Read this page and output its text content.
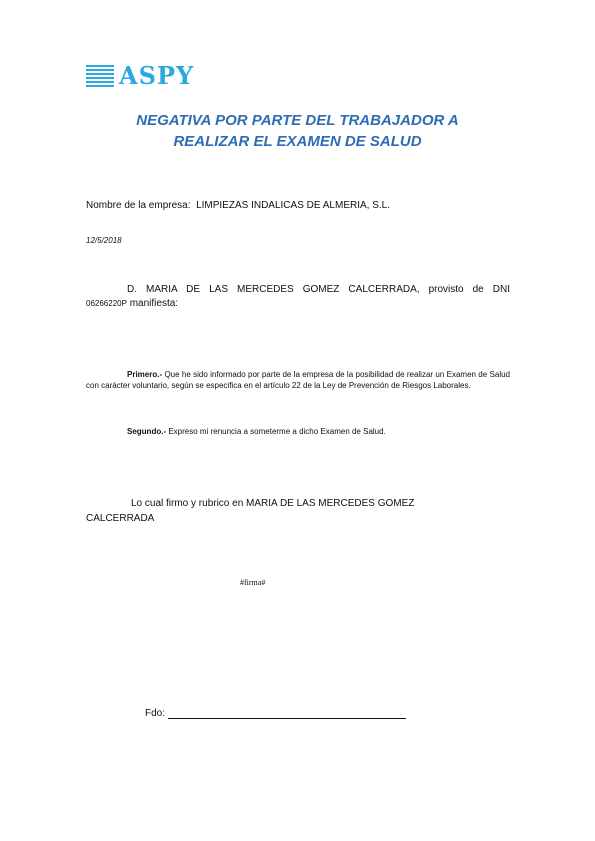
ASPY
NEGATIVA POR PARTE DEL TRABAJADOR A
REALIZAR EL EXAMEN DE SALUD
Nombre de la empresa: LIMPIEZAS INDALICAS DE ALMERIA, S.L.
12/5/2018
D. MARIA DE LAS MERCEDES GOMEZ CALCERRADA, provisto de DNI
06266220P manifiesta:
Primero.- Que he sido informado por parte de la empresa de la posibilidad de realizar un Examen de Salud con carácter voluntario, según se especifica en el artículo 22 de la Ley de Prevención de Riesgos Laborales.
Segundo.- Expreso mi renuncia a someterme a dicho Examen de Salud.
Lo cual firmo y rubrico en MARIA DE LAS MERCEDES GOMEZ
CALCERRADA
#firma#
Fdo:
